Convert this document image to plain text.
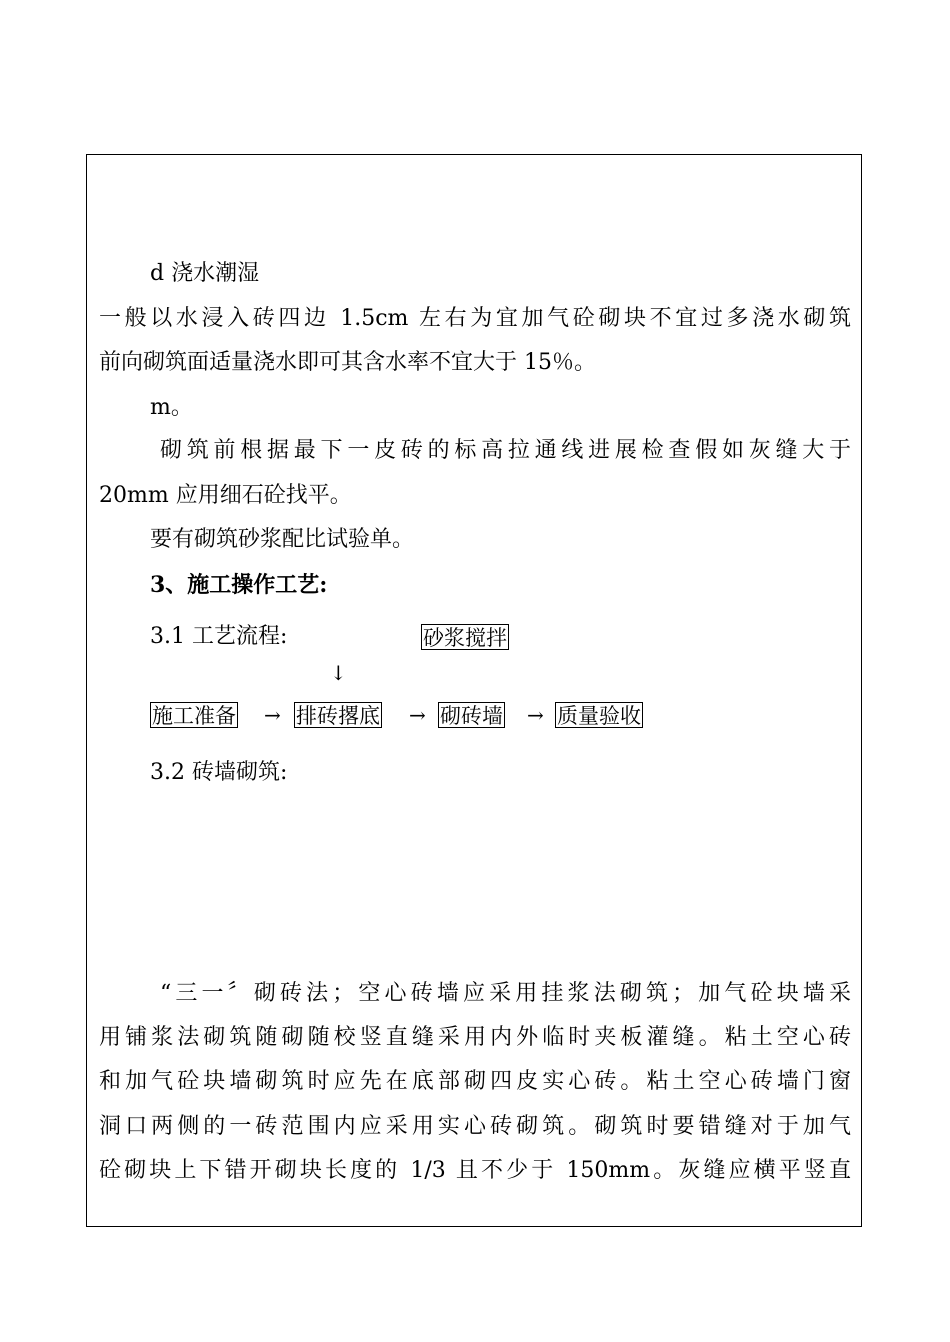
d 浇水潮湿
一般以水浸入砖四边 1.5cm 左右为宜加气砼砌块不宜过多浇水砌筑
前向砌筑面适量浇水即可其含水率不宜大于 15％。
m。
砌筑前根据最下一皮砖的标高拉通线进展检查假如灰缝大于
20mm 应用细石砼找平。
要有砌筑砂浆配比试验单。
3、施工操作工艺:
3.1 工艺流程:	砂浆搅拌
↓
施工准备 → 排砖撂底 → 砌砖墙 → 质量验收
3.2 砖墙砌筑:
“三一〞砌砖法；空心砖墙应采用挂浆法砌筑；加气砼块墙采
用铺浆法砌筑随砌随校竖直缝采用内外临时夹板灌缝。粘土空心砖
和加气砼块墙砌筑时应先在底部砌四皮实心砖。粘土空心砖墙门窗
洞口两侧的一砖范围内应采用实心砖砌筑。砌筑时要错缝对于加气
砼砌块上下错开砌块长度的 1/3 且不少于 150mm。灰缝应横平竖直
